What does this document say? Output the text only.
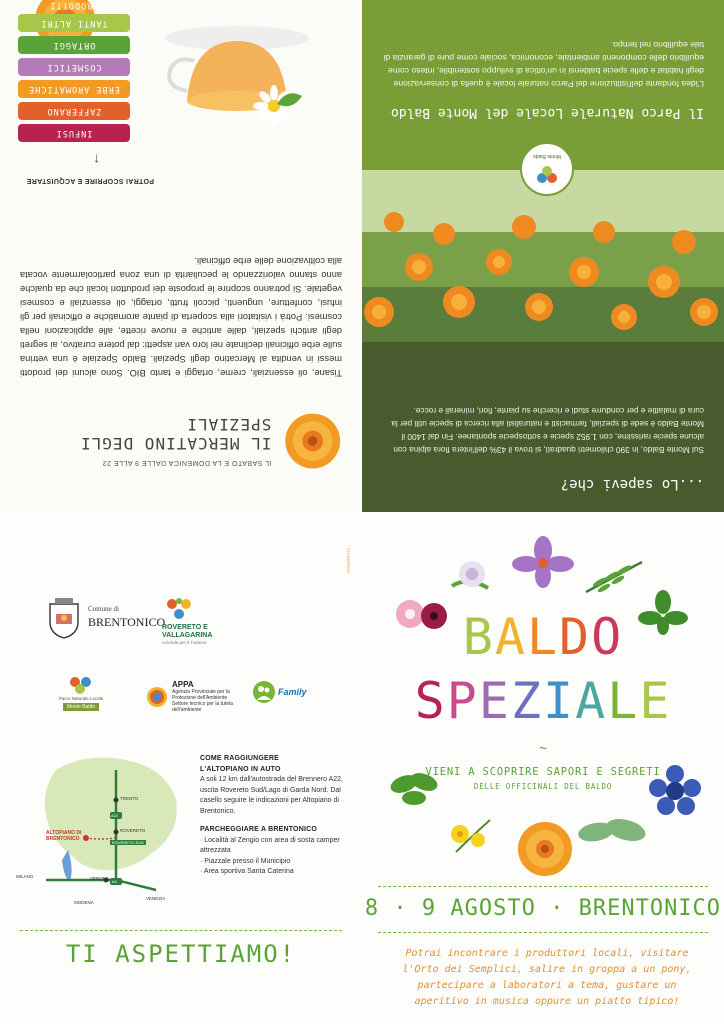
IL SABATO E LA DOMENICA DALLE 9 ALLE 22
IL MERCATINO DEGLI SPEZIALI
Tisane, oli essenziali, creme, ortaggi e tanto BIO. Sono alcuni dei prodotti messi in vendita al Mercatino degli Speziali. Baldo Speziale è una vetrina sulle erbe officinali declinate nei loro vari aspetti: dal potere curativo, ai segreti degli antichi speziali, dalle antiche e nuove ricette, alle applicazioni nella cosmesi. Potrà i visitatori alla scoperta di piante aromatiche e officinali per gli infusi, confetture, unguenti, piccoli frutti, ortaggi, oli essenziali e cosmesi vegetale. Si potranno scoprire le proposte dei produttori locali che da qualche anno stanno valorizzando le peculiarità di una zona particolarmente vocata alla coltivazione delle erbe officinali.
POTRAI SCOPRIRE E ACQUISTARE
↑
INFUSI
ZAFFERANO
ERBE AROMATICHE
COSMETICI
ORTAGGI
TANTI ALTRI PRODOTTI
...Lo sapevi che?
Sul Monte Baldo, in 390 chilometri quadrati, si trova il 43% dell'intera flora alpina con alcune specie rarissime, con 1.952 specie e sottospecie spontanee. Fin dal 1400 il Monte Baldo è sede di speziali, farmacisti e naturalisti alla ricerca di specie utili per la cura di malattie e per condurre studi e ricerche su piante, fiori, minerali e rocce.
Monte Baldo
Il Parco Naturale Locale del Monte Baldo
L'idea fondante dell'istituzione del Parco naturale locale è quella di conservazione degli habitat e delle specie baldensi in un'ottica di sviluppo sostenibile, inteso come equilibrio delle componenti ambientale, economica, sociale come pure di garanzia di tale equilibrio nel tempo.
Comune di
BRENTONICO
ROVERETO E VALLAGARINA
Azienda per il Turismo
Parco Naturale Locale
Monte Baldo
APPA
Agenzia Provinciale per la Protezione dell'Ambiente Settore tecnico per la tutela dell'ambiente
Family
TRENTO
A22
ROVERETO
ROVERETO SUD
ALTOPIANO DI BRENTONICO
MILANO	VERONA
A4
VENEZIA
MODENA
COME RAGGIUNGERE L'ALTOPIANO IN AUTO

A soli 12 km dall'autostrada del Brennero A22, uscita Rovereto Sud/Lago di Garda Nord. Dal casello seguire le indicazioni per Altopiano di Brentonico.

PARCHEGGIARE A BRENTONICO
· Località al Zengio con area di sosta camper attrezzata
· Piazzale presso il Municipio
· Area sportiva Santa Caterina
TI ASPETTIAMO!
FLORAPRINT
BALDO
SPEZIALE
~
VIENI A SCOPRIRE SAPORI E SEGRETI
DELLE OFFICINALI DEL BALDO
8 · 9 AGOSTO · BRENTONICO
Potrai incontrare i produttori locali, visitare l'Orto dei Semplici, salire in groppa a un pony, partecipare a laboratori a tema, gustare un aperitivo in musica oppure un piatto tipico!
